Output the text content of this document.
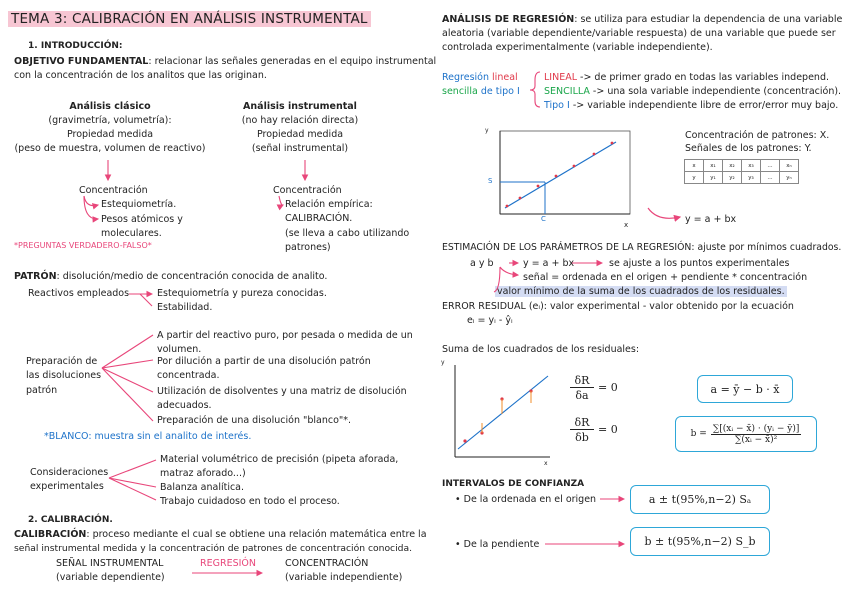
TEMA 3: CALIBRACIÓN EN ANÁLISIS INSTRUMENTAL
1. INTRODUCCIÓN:
OBJETIVO FUNDAMENTAL: relacionar las señales generadas en el equipo instrumental
con la concentración de los analitos que las originan.
Análisis clásico
(gravimetría, volumetría):
Propiedad medida
(peso de muestra, volumen de reactivo)
Concentración
Estequiometría.
Pesos atómicos y
moleculares.
*PREGUNTAS VERDADERO-FALSO*
Análisis instrumental
(no hay relación directa)
Propiedad medida
(señal instrumental)
Concentración
Relación empírica:
CALIBRACIÓN.
(se lleva a cabo utilizando
patrones)
PATRÓN: disolución/medio de concentración conocida de analito.
Reactivos empleados	Estequiometría y pureza conocidas.
Estabilidad.
Preparación de
las disoluciones
patrón
A partir del reactivo puro, por pesada o medida de un
volumen.
Por dilución a partir de una disolución patrón
concentrada.
Utilización de disolventes y una matriz de disolución
adecuados.
Preparación de una disolución "blanco"*.
*BLANCO: muestra sin el analito de interés.
Consideraciones
experimentales
Material volumétrico de precisión (pipeta aforada,
matraz aforado...)
Balanza analítica.
Trabajo cuidadoso en todo el proceso.
2. CALIBRACIÓN.
CALIBRACIÓN: proceso mediante el cual se obtiene una relación matemática entre la
señal instrumental medida y la concentración de patrones de concentración conocida.
SEÑAL INSTRUMENTAL
(variable dependiente)
REGRESIÓN	CONCENTRACIÓN
(variable independiente)
ANÁLISIS DE REGRESIÓN: se utiliza para estudiar la dependencia de una variable
aleatoria (variable dependiente/variable respuesta) de una variable que puede ser
controlada experimentalmente (variable independiente).
Regresión lineal
sencilla de tipo I
LINEAL -> de primer grado en todas las variables independ.
SENCILLA -> una sola variable independiente (concentración).
Tipo I -> variable independiente libre de error/error muy bajo.
y
x
S
C	y = a + bx
Concentración de patrones: X.
Señales de los patrones: Y.
x	x₁	x₂	x₃	...	xₙ
y	y₁	y₂	y₃	...	yₙ
ESTIMACIÓN DE LOS PARÁMETROS DE LA REGRESIÓN: ajuste por mínimos cuadrados.
a y b	y = a + bx	se ajuste a los puntos experimentales
señal = ordenada en el origen + pendiente * concentración
valor mínimo de la suma de los cuadrados de los residuales.
ERROR RESIDUAL (eᵢ): valor experimental - valor obtenido por la ecuación
eᵢ = yᵢ - ŷᵢ
Suma de los cuadrados de los residuales:
y
x
δR
δa
= 0
δR
δb
= 0
a = ȳ − b · x̄
$b = \frac{\text{∑[(xᵢ − x̄) · (yᵢ − ȳ)]}}{\text{∑(xᵢ − x̄)²}}$
INTERVALOS DE CONFIANZA
• De la ordenada en el origen
• De la pendiente
a ± t(95%,n−2) Sₐ
b ± t(95%,n−2) S_b
